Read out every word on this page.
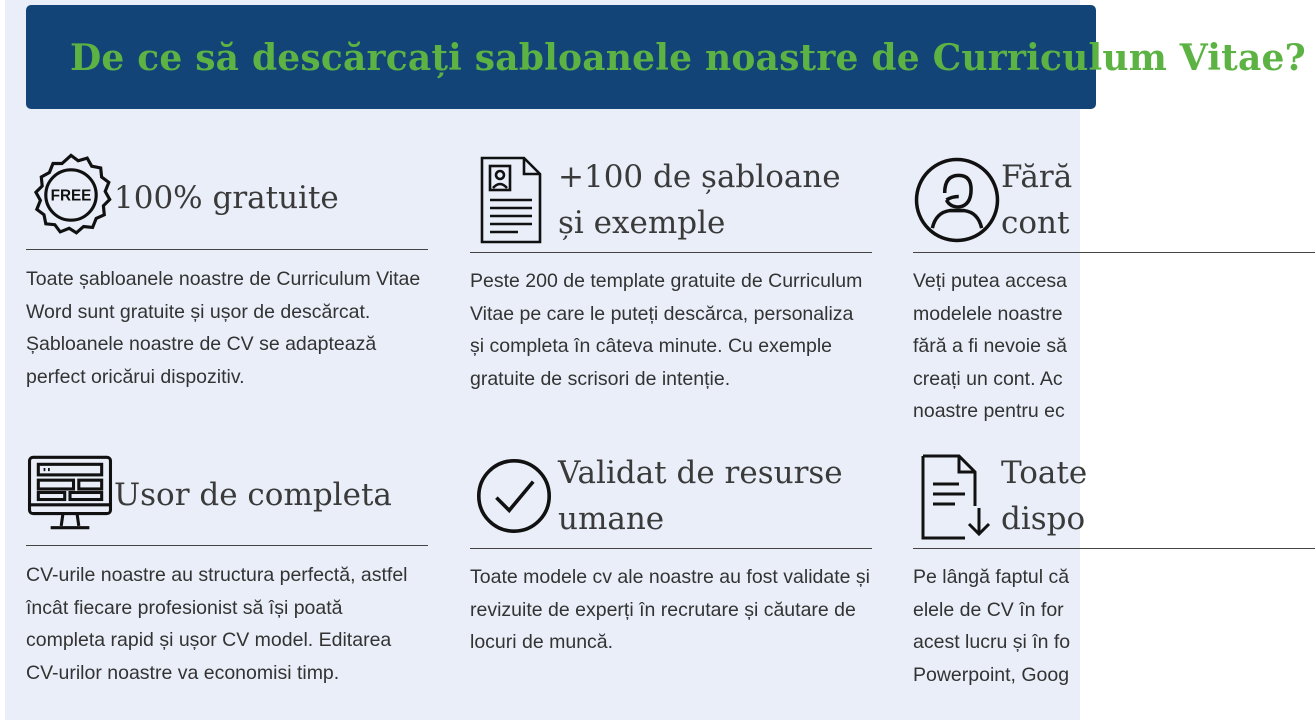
De ce să descărcați sabloanele noastre de Curriculum Vitae?
FREE 100% gratuite
Toate șabloanele noastre de Curriculum Vitae Word sunt gratuite și ușor de descărcat. Șabloanele noastre de CV se adaptează perfect oricărui dispozitiv.
+100 de șabloane
și exemple
Peste 200 de template gratuite de Curriculum Vitae pe care le puteți descărca, personaliza și completa în câteva minute. Cu exemple gratuite de scrisori de intenție.
Fără
cont
Veți putea accesa modelele noastre fără a fi nevoie să creați un cont. Ac noastre pentru ec
Usor de completa
CV-urile noastre au structura perfectă, astfel încât fiecare profesionist să își poată completa rapid și ușor CV model. Editarea CV-urilor noastre va economisi timp.
Validat de resurse
umane
Toate modele cv ale noastre au fost validate și revizuite de experți în recrutare și căutare de locuri de muncă.
Toate
dispo
Pe lângă faptul că elele de CV în for acest lucru și în fo Powerpoint, Goog
